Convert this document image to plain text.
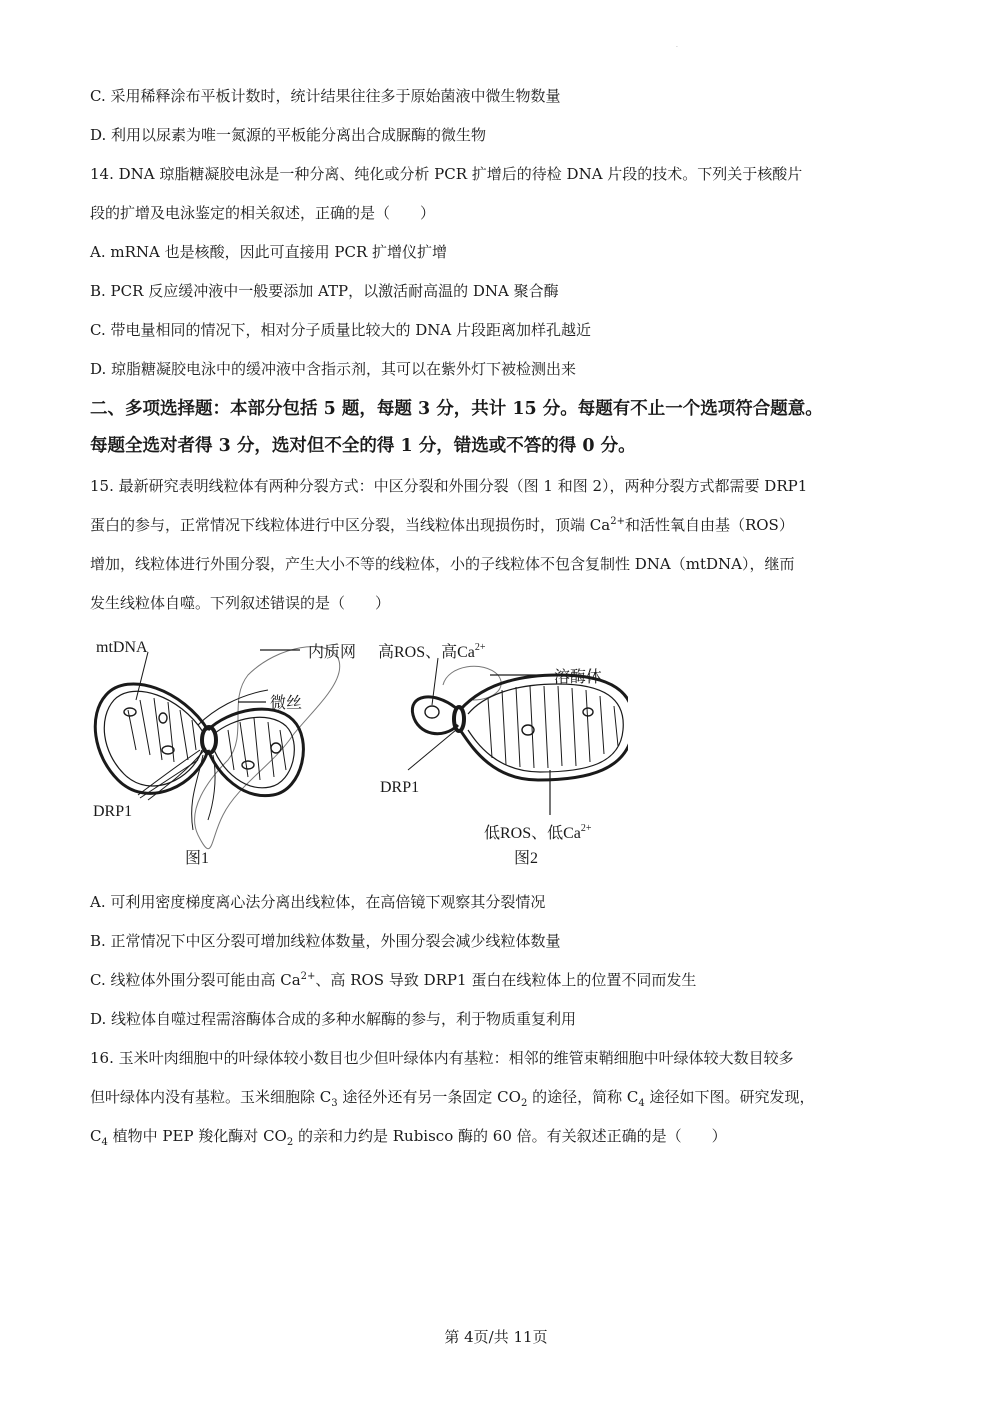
·
C. 采用稀释涂布平板计数时，统计结果往往多于原始菌液中微生物数量
D. 利用以尿素为唯一氮源的平板能分离出合成脲酶的微生物
14. DNA 琼脂糖凝胶电泳是一种分离、纯化或分析 PCR 扩增后的待检 DNA 片段的技术。下列关于核酸片
段的扩增及电泳鉴定的相关叙述，正确的是（　　）
A. mRNA 也是核酸，因此可直接用 PCR 扩增仪扩增
B. PCR 反应缓冲液中一般要添加 ATP，以激活耐高温的 DNA 聚合酶
C. 带电量相同的情况下，相对分子质量比较大的 DNA 片段距离加样孔越近
D. 琼脂糖凝胶电泳中的缓冲液中含指示剂，其可以在紫外灯下被检测出来
二、多项选择题：本部分包括 5 题，每题 3 分，共计 15 分。每题有不止一个选项符合题意。
每题全选对者得 3 分，选对但不全的得 1 分，错选或不答的得 0 分。
15. 最新研究表明线粒体有两种分裂方式：中区分裂和外围分裂（图 1 和图 2），两种分裂方式都需要 DRP1
蛋白的参与，正常情况下线粒体进行中区分裂，当线粒体出现损伤时，顶端 $Ca^{2+}$和活性氧自由基（ROS）
增加，线粒体进行外围分裂，产生大小不等的线粒体，小的子线粒体不包含复制性 DNA（mtDNA），继而
发生线粒体自噬。下列叙述错误的是（　　）
mtDNA	内质网
微丝
DRP1
图1
高ROS、高$Ca^{2+}$
溶酶体
DRP1
低ROS、低$Ca^{2+}$
图2
A. 可利用密度梯度离心法分离出线粒体，在高倍镜下观察其分裂情况
B. 正常情况下中区分裂可增加线粒体数量，外围分裂会减少线粒体数量
C. 线粒体外围分裂可能由高 $Ca^{2+}$、高 ROS 导致 DRP1 蛋白在线粒体上的位置不同而发生
D. 线粒体自噬过程需溶酶体合成的多种水解酶的参与，利于物质重复利用
16. 玉米叶肉细胞中的叶绿体较小数目也少但叶绿体内有基粒：相邻的维管束鞘细胞中叶绿体较大数目较多
但叶绿体内没有基粒。玉米细胞除 $C_3$ 途径外还有另一条固定 $CO_2$ 的途径，简称 $C_4$ 途径如下图。研究发现，
$C_4$ 植物中 PEP 羧化酶对 $CO_2$ 的亲和力约是 Rubisco 酶的 60 倍。有关叙述正确的是（　　）
第 4页/共 11页
